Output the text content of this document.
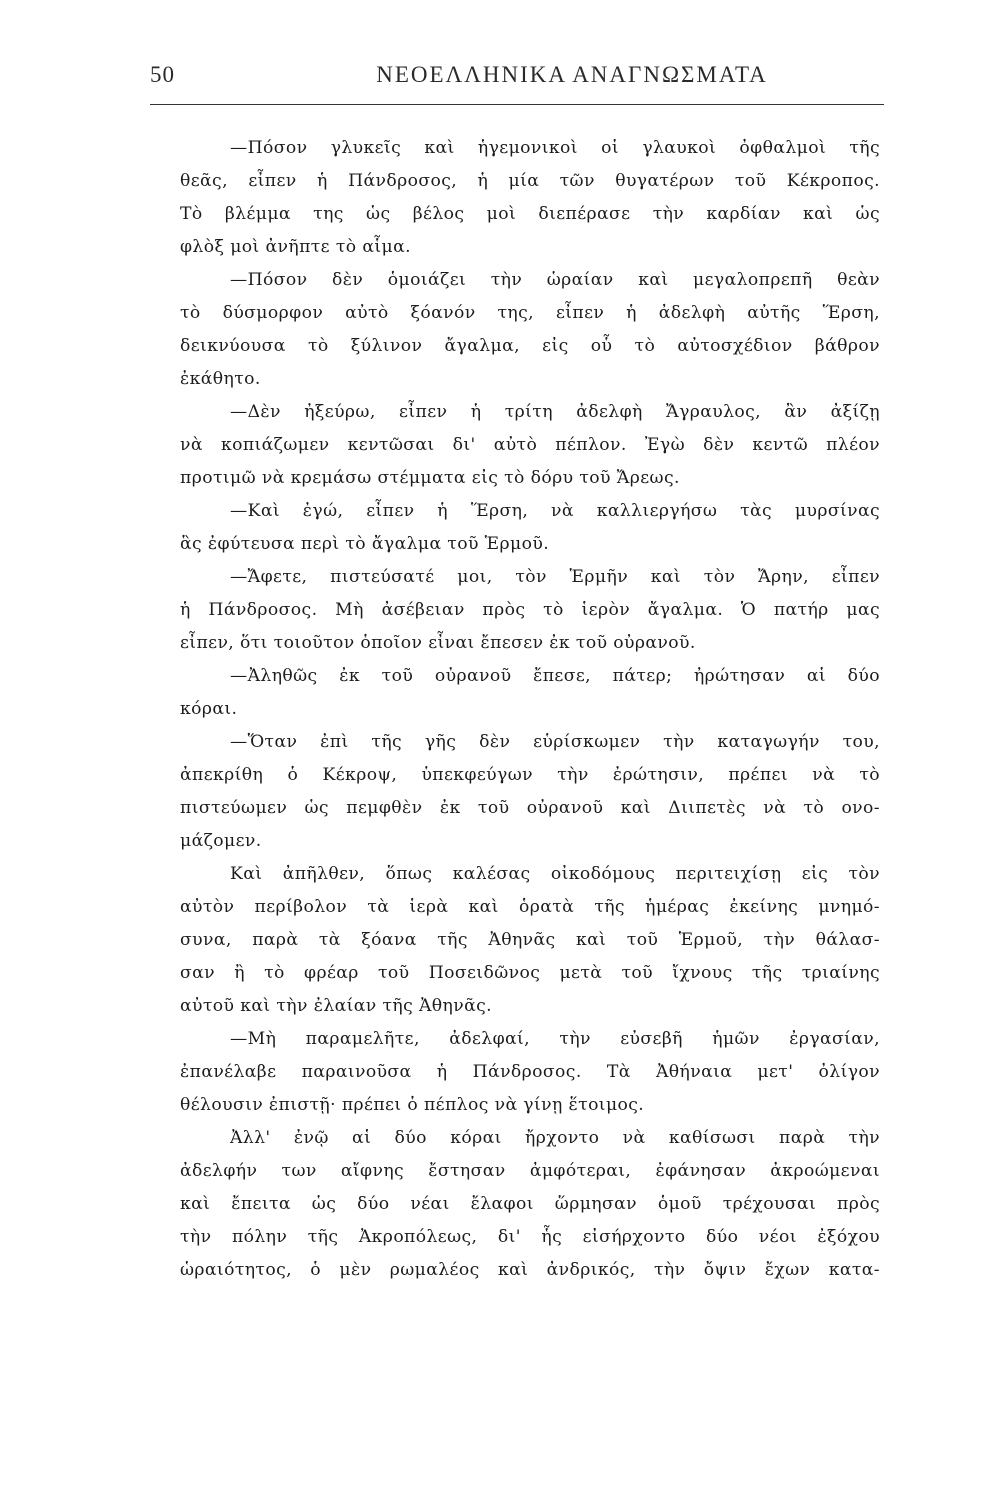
50	ΝΕΟΕΛΛΗΝΙΚΑ ΑΝΑΓΝΩΣΜΑΤΑ
—Πόσον γλυκεῖς καὶ ἡγεμονικοὶ οἱ γλαυκοὶ ὀφθαλμοὶ τῆς
θεᾶς, εἶπεν ἡ Πάνδροσος, ἡ μία τῶν θυγατέρων τοῦ Κέκροπος.
Τὸ βλέμμα της ὡς βέλος μοὶ διεπέρασε τὴν καρδίαν καὶ ὡς
φλὸξ μοὶ ἀνῆπτε τὸ αἷμα.
—Πόσον δὲν ὁμοιάζει τὴν ὡραίαν καὶ μεγαλοπρεπῆ θεὰν
τὸ δύσμορφον αὐτὸ ξόανόν της, εἶπεν ἡ ἀδελφὴ αὐτῆς Ἕρση,
δεικνύουσα τὸ ξύλινον ἄγαλμα, εἰς οὗ τὸ αὐτοσχέδιον βάθρον
ἐκάθητο.
—Δὲν ἠξεύρω, εἶπεν ἡ τρίτη ἀδελφὴ Ἄγραυλος, ἂν ἀξίζῃ
νὰ κοπιάζωμεν κεντῶσαι δι' αὐτὸ πέπλον. Ἐγὼ δὲν κεντῶ πλέον
προτιμῶ νὰ κρεμάσω στέμματα εἰς τὸ δόρυ τοῦ Ἄρεως.
—Καὶ ἐγώ, εἶπεν ἡ Ἕρση, νὰ καλλιεργήσω τὰς μυρσίνας
ἃς ἐφύτευσα περὶ τὸ ἄγαλμα τοῦ Ἑρμοῦ.
—Ἄφετε, πιστεύσατέ μοι, τὸν Ἑρμῆν καὶ τὸν Ἄρην, εἶπεν
ἡ Πάνδροσος. Μὴ ἀσέβειαν πρὸς τὸ ἱερὸν ἄγαλμα. Ὁ πατήρ μας
εἶπεν, ὅτι τοιοῦτον ὁποῖον εἶναι ἔπεσεν ἐκ τοῦ οὐρανοῦ.
—Ἀληθῶς ἐκ τοῦ οὐρανοῦ ἔπεσε, πάτερ; ἠρώτησαν αἱ δύο
κόραι.
—Ὅταν ἐπὶ τῆς γῆς δὲν εὑρίσκωμεν τὴν καταγωγήν του,
ἀπεκρίθη ὁ Κέκροψ, ὑπεκφεύγων τὴν ἐρώτησιν, πρέπει νὰ τὸ
πιστεύωμεν ὡς πεμφθὲν ἐκ τοῦ οὐρανοῦ καὶ Διιπετὲς νὰ τὸ ονο-
μάζομεν.
Καὶ ἀπῆλθεν, ὅπως καλέσας οἰκοδόμους περιτειχίσῃ εἰς τὸν
αὐτὸν περίβολον τὰ ἱερὰ καὶ ὁρατὰ τῆς ἡμέρας ἐκείνης μνημό-
συνα, παρὰ τὰ ξόανα τῆς Ἀθηνᾶς καὶ τοῦ Ἑρμοῦ, τὴν θάλασ-
σαν ἢ τὸ φρέαρ τοῦ Ποσειδῶνος μετὰ τοῦ ἴχνους τῆς τριαίνης
αὐτοῦ καὶ τὴν ἐλαίαν τῆς Ἀθηνᾶς.
—Μὴ παραμελῆτε, ἀδελφαί, τὴν εὐσεβῆ ἡμῶν ἐργασίαν,
ἐπανέλαβε παραινοῦσα ἡ Πάνδροσος. Τὰ Ἀθήναια μετ' ὀλίγον
θέλουσιν ἐπιστῇ· πρέπει ὁ πέπλος νὰ γίνῃ ἕτοιμος.
Ἀλλ' ἐνῷ αἱ δύο κόραι ἤρχοντο νὰ καθίσωσι παρὰ τὴν
ἀδελφήν των αἴφνης ἔστησαν ἀμφότεραι, ἐφάνησαν ἀκροώμεναι
καὶ ἔπειτα ὡς δύο νέαι ἔλαφοι ὥρμησαν ὁμοῦ τρέχουσαι πρὸς
τὴν πόλην τῆς Ἀκροπόλεως, δι' ἧς εἰσήρχοντο δύο νέοι ἐξόχου
ὡραιότητος, ὁ μὲν ρωμαλέος καὶ ἀνδρικός, τὴν ὄψιν ἔχων κατα-
